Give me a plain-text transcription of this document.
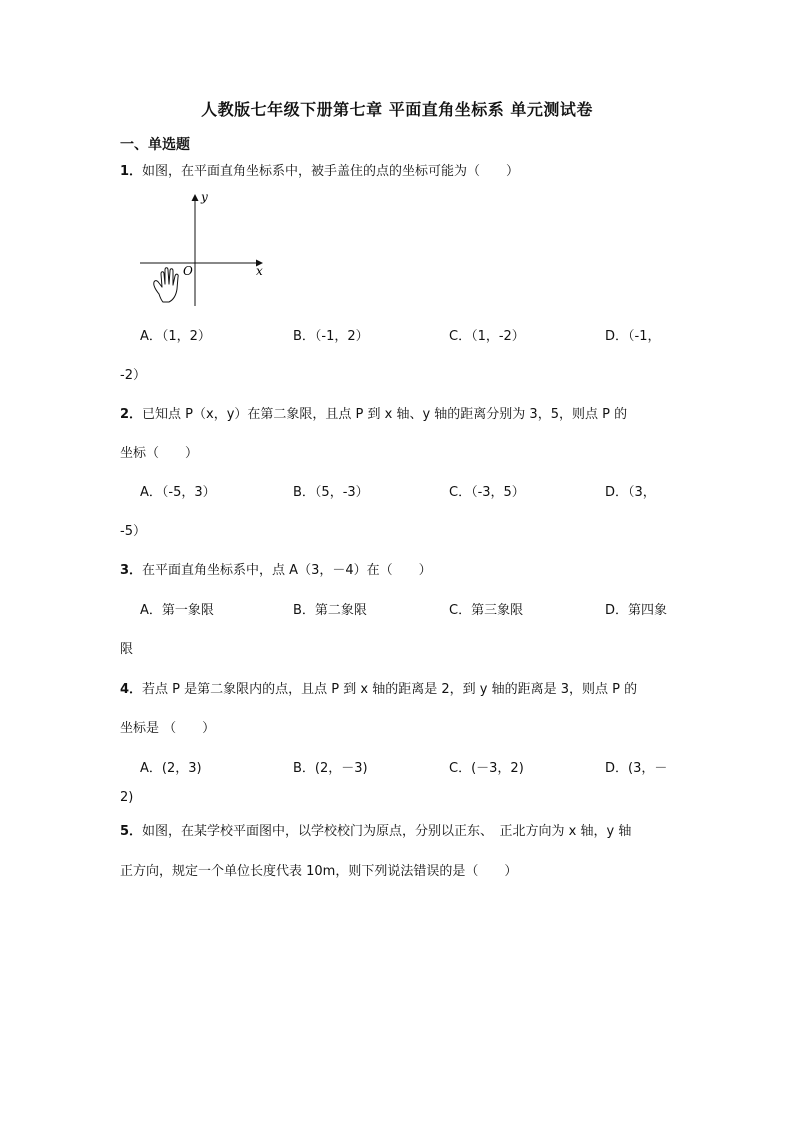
人教版七年级下册第七章 平面直角坐标系 单元测试卷
一、单选题
1．如图，在平面直角坐标系中，被手盖住的点的坐标可能为（　　）
y
x
O
A．（1，2）	B．（-1，2）	C．（1，-2）	D．（-1，
-2）
2．已知点 P（x，y）在第二象限，且点 P 到 x 轴、y 轴的距离分别为 3，5，则点 P 的
坐标（　　）
A．（-5，3）	B．（5，-3）	C．（-3，5）	D．（3，
-5）
3．在平面直角坐标系中，点 A（3，－4）在（　　）
A．第一象限	B．第二象限	C．第三象限	D．第四象
限
4．若点 P 是第二象限内的点，且点 P 到 x 轴的距离是 2，到 y 轴的距离是 3，则点 P 的
坐标是 （　　）
A．(2，3)	B．(2，－3)	C．(－3，2)	D．(3，－
2)
5．如图，在某学校平面图中，以学校校门为原点，分别以正东、　正北方向为 x 轴，y 轴
正方向，规定一个单位长度代表 10m，则下列说法错误的是（　　）
